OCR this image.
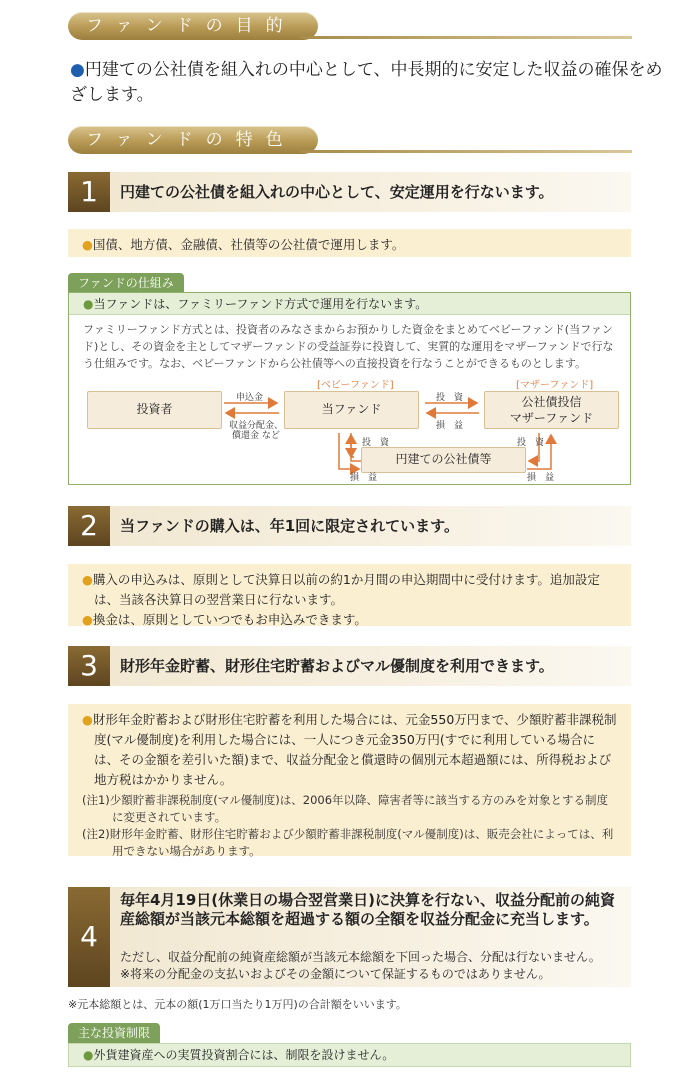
ファンドの目的
●円建ての公社債を組入れの中心として、中長期的に安定した収益の確保をめざします。
ファンドの特色
1	円建ての公社債を組入れの中心として、安定運用を行ないます。
●国債、地方債、金融債、社債等の公社債で運用します。
ファンドの仕組み
●当ファンドは、ファミリーファンド方式で運用を行ないます。
ファミリーファンド方式とは、投資者のみなさまからお預かりした資金をまとめてベビーファンド(当ファンド)とし、その資金を主としてマザーファンドの受益証券に投資して、実質的な運用をマザーファンドで行なう仕組みです。なお、ベビーファンドから公社債等への直接投資を行なうことができるものとします。
投資者
[ベビーファンド]
当ファンド
[マザーファンド]
公社債投信
マザーファンド
円建ての公社債等
申込金
収益分配金、
償還金 など
投　資
損　益
投　資
損　益
投　資
損　益
2	当ファンドの購入は、年1回に限定されています。
●購入の申込みは、原則として決算日以前の約1か月間の申込期間中に受付けます。追加設定は、当該各決算日の翌営業日に行ないます。
●換金は、原則としていつでもお申込みできます。
3	財形年金貯蓄、財形住宅貯蓄およびマル優制度を利用できます。
●財形年金貯蓄および財形住宅貯蓄を利用した場合には、元金550万円まで、少額貯蓄非課税制度(マル優制度)を利用した場合には、一人につき元金350万円(すでに利用している場合には、その金額を差引いた額)まで、収益分配金と償還時の個別元本超過額には、所得税および地方税はかかりません。
(注1)少額貯蓄非課税制度(マル優制度)は、2006年以降、障害者等に該当する方のみを対象とする制度に変更されています。
(注2)財形年金貯蓄、財形住宅貯蓄および少額貯蓄非課税制度(マル優制度)は、販売会社によっては、利用できない場合があります。
4
毎年4月19日(休業日の場合翌営業日)に決算を行ない、収益分配前の純資産総額が当該元本総額を超過する額の全額を収益分配金に充当します。
ただし、収益分配前の純資産総額が当該元本総額を下回った場合、分配は行ないません。
※将来の分配金の支払いおよびその金額について保証するものではありません。
※元本総額とは、元本の額(1万口当たり1万円)の合計額をいいます。
主な投資制限
●外貨建資産への実質投資割合には、制限を設けません。
